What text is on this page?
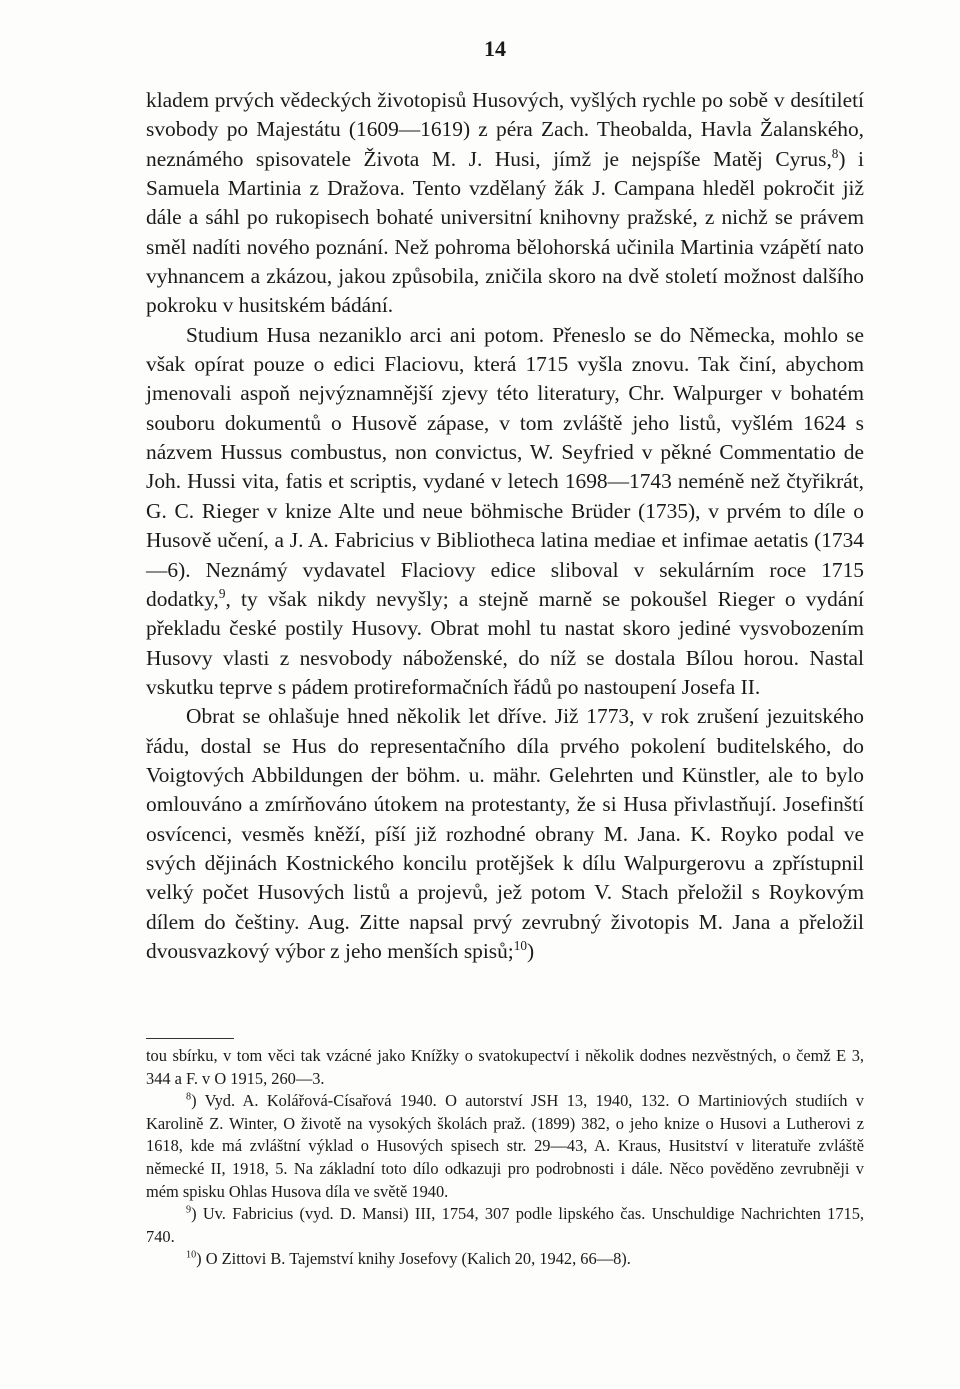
14

kladem prvých vědeckých životopisů Husových, vyšlých rychle po sobě v desítiletí svobody po Majestátu (1609—1619) z péra Zach. Theobalda, Havla Žalanského, neznámého spisovatele Života M. J. Husi, jímž je nejspíše Matěj Cyrus,$^8$) i Samuela Martinia z Dražova. Tento vzdělaný žák J. Campana hleděl pokročit již dále a sáhl po rukopisech bohaté universitní knihovny pražské, z nichž se právem směl nadíti nového poznání. Než pohroma bělohorská učinila Martinia vzápětí nato vyhnancem a zkázou, jakou způsobila, zničila skoro na dvě století možnost dalšího pokroku v husitském bádání.

Studium Husa nezaniklo arci ani potom. Přeneslo se do Německa, mohlo se však opírat pouze o edici Flaciovu, která 1715 vyšla znovu. Tak činí, abychom jmenovali aspoň nejvýznamnější zjevy této literatury, Chr. Walpurger v bohatém souboru dokumentů o Husově zápase, v tom zvláště jeho listů, vyšlém 1624 s názvem Hussus combustus, non convictus, W. Seyfried v pěkné Commentatio de Joh. Hussi vita, fatis et scriptis, vydané v letech 1698—1743 neméně než čtyřikrát, G. C. Rieger v knize Alte und neue böhmische Brüder (1735), v prvém to díle o Husově učení, a J. A. Fabricius v Bibliotheca latina mediae et infimae aetatis (1734—6). Neznámý vydavatel Flaciovy edice sliboval v sekulárním roce 1715 dodatky,$^9$, ty však nikdy nevyšly; a stejně marně se pokoušel Rieger o vydání překladu české postily Husovy. Obrat mohl tu nastat skoro jediné vysvobozením Husovy vlasti z nesvobody náboženské, do níž se dostala Bílou horou. Nastal vskutku teprve s pádem protireformačních řádů po nastoupení Josefa II.

Obrat se ohlašuje hned několik let dříve. Již 1773, v rok zrušení jezuitského řádu, dostal se Hus do representačního díla prvého pokolení buditelského, do Voigtových Abbildungen der böhm. u. mähr. Gelehrten und Künstler, ale to bylo omlouváno a zmírňováno útokem na protestanty, že si Husa přivlastňují. Josefinští osvícenci, vesměs kněží, píší již rozhodné obrany M. Jana. K. Royko podal ve svých dějinách Kostnického koncilu protějšek k dílu Walpurgerovu a zpřístupnil velký počet Husových listů a projevů, jež potom V. Stach přeložil s Roykovým dílem do češtiny. Aug. Zitte napsal prvý zevrubný životopis M. Jana a přeložil dvousvazkový výbor z jeho menších spisů;$^{10}$)

tou sbírku, v tom věci tak vzácné jako Knížky o svatokupectví i několik dodnes nezvěstných, o čemž E 3, 344 a F. v O 1915, 260—3.

$^8$) Vyd. A. Kolářová-Císařová 1940. O autorství JSH 13, 1940, 132. O Martiniových studiích v Karolině Z. Winter, O životě na vysokých školách praž. (1899) 382, o jeho knize o Husovi a Lutherovi z 1618, kde má zvláštní výklad o Husových spisech str. 29—43, A. Kraus, Husitství v literatuře zvláště německé II, 1918, 5. Na základní toto dílo odkazuji pro podrobnosti i dále. Něco pověděno zevrubněji v mém spisku Ohlas Husova díla ve světě 1940.

$^9$) Uv. Fabricius (vyd. D. Mansi) III, 1754, 307 podle lipského čas. Unschuldige Nachrichten 1715, 740.

$^{10}$) O Zittovi B. Tajemství knihy Josefovy (Kalich 20, 1942, 66—8).
